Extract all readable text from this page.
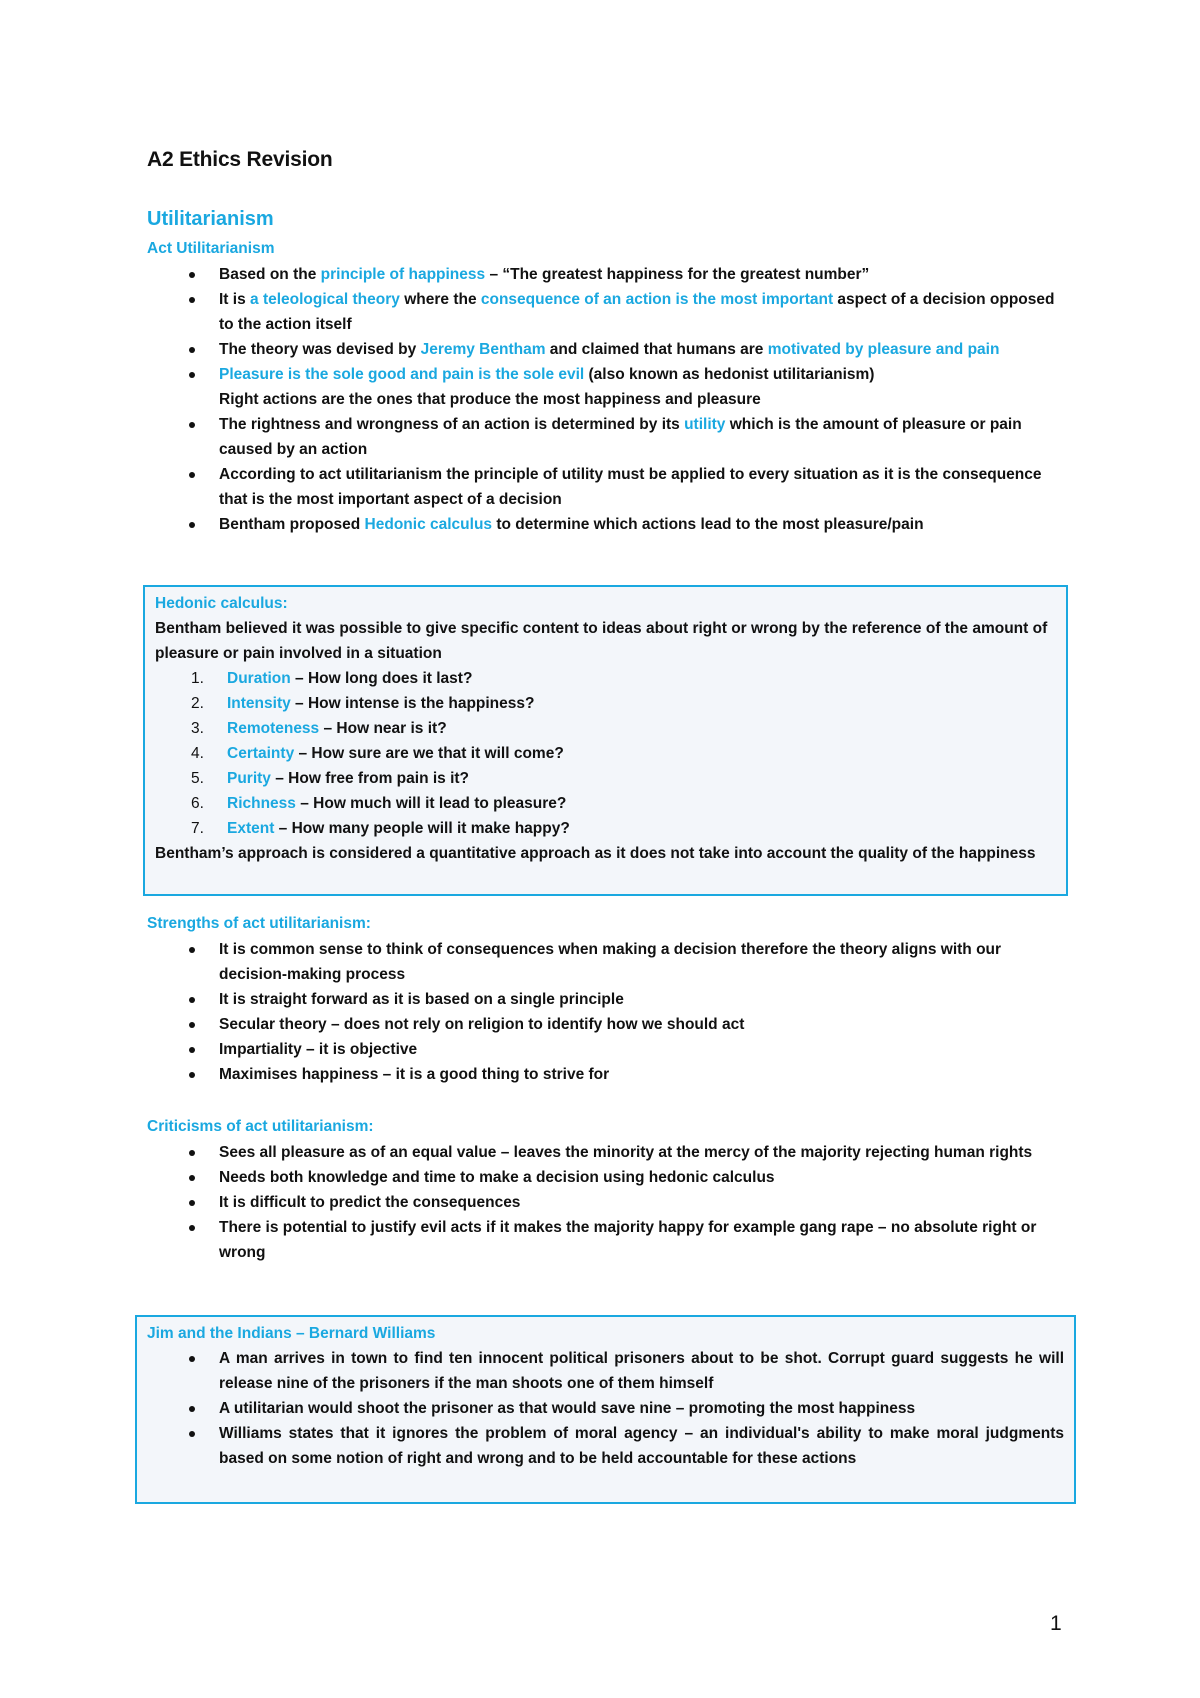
A2 Ethics Revision
Utilitarianism
Act Utilitarianism
Based on the principle of happiness – “The greatest happiness for the greatest number”
It is a teleological theory where the consequence of an action is the most important aspect of a decision opposed to the action itself
The theory was devised by Jeremy Bentham and claimed that humans are motivated by pleasure and pain
Pleasure is the sole good and pain is the sole evil (also known as hedonist utilitarianism)
Right actions are the ones that produce the most happiness and pleasure
The rightness and wrongness of an action is determined by its utility which is the amount of pleasure or pain caused by an action
According to act utilitarianism the principle of utility must be applied to every situation as it is the consequence that is the most important aspect of a decision
Bentham proposed Hedonic calculus to determine which actions lead to the most pleasure/pain

Hedonic calculus:

Bentham believed it was possible to give specific content to ideas about right or wrong by the reference of the amount of pleasure or pain involved in a situation

1. Duration – How long does it last?
2. Intensity – How intense is the happiness?
3. Remoteness – How near is it?
4. Certainty – How sure are we that it will come?
5. Purity – How free from pain is it?
6. Richness – How much will it lead to pleasure?
7. Extent – How many people will it make happy?

Bentham’s approach is considered a quantitative approach as it does not take into account the quality of the happiness

Strengths of act utilitarianism:
It is common sense to think of consequences when making a decision therefore the theory aligns with our decision-making process
It is straight forward as it is based on a single principle
Secular theory – does not rely on religion to identify how we should act
Impartiality – it is objective
Maximises happiness – it is a good thing to strive for
Criticisms of act utilitarianism:
Sees all pleasure as of an equal value – leaves the minority at the mercy of the majority rejecting human rights
Needs both knowledge and time to make a decision using hedonic calculus
It is difficult to predict the consequences
There is potential to justify evil acts if it makes the majority happy for example gang rape – no absolute right or wrong

Jim and the Indians – Bernard Williams

A man arrives in town to find ten innocent political prisoners about to be shot. Corrupt guard suggests he will release nine of the prisoners if the man shoots one of them himself
A utilitarian would shoot the prisoner as that would save nine – promoting the most happiness
Williams states that it ignores the problem of moral agency – an individual's ability to make moral judgments based on some notion of right and wrong and to be held accountable for these actions
1
